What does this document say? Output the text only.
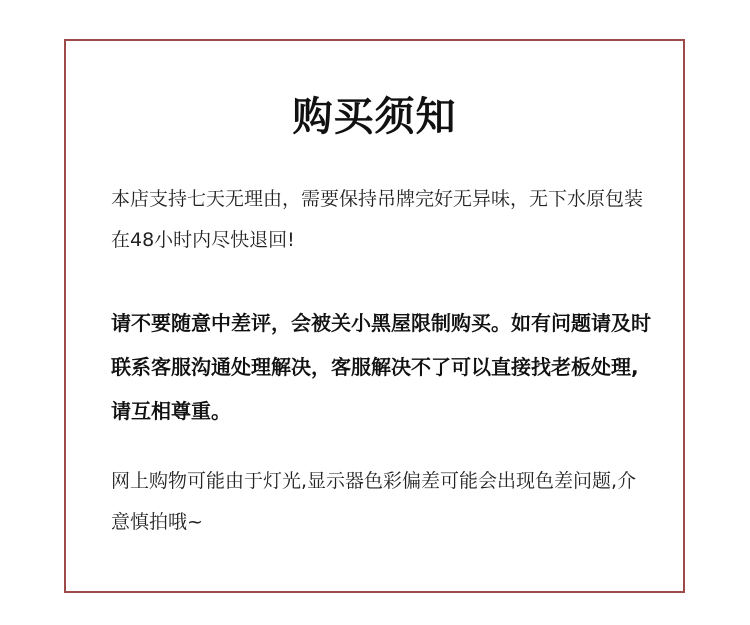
购买须知

本店支持七天无理由，需要保持吊牌完好无异味，无下水原包装在48小时内尽快退回!

请不要随意中差评，会被关小黑屋限制购买。如有问题请及时联系客服沟通处理解决，客服解决不了可以直接找老板处理,请互相尊重。

网上购物可能由于灯光,显示器色彩偏差可能会出现色差问题,介意慎拍哦~
